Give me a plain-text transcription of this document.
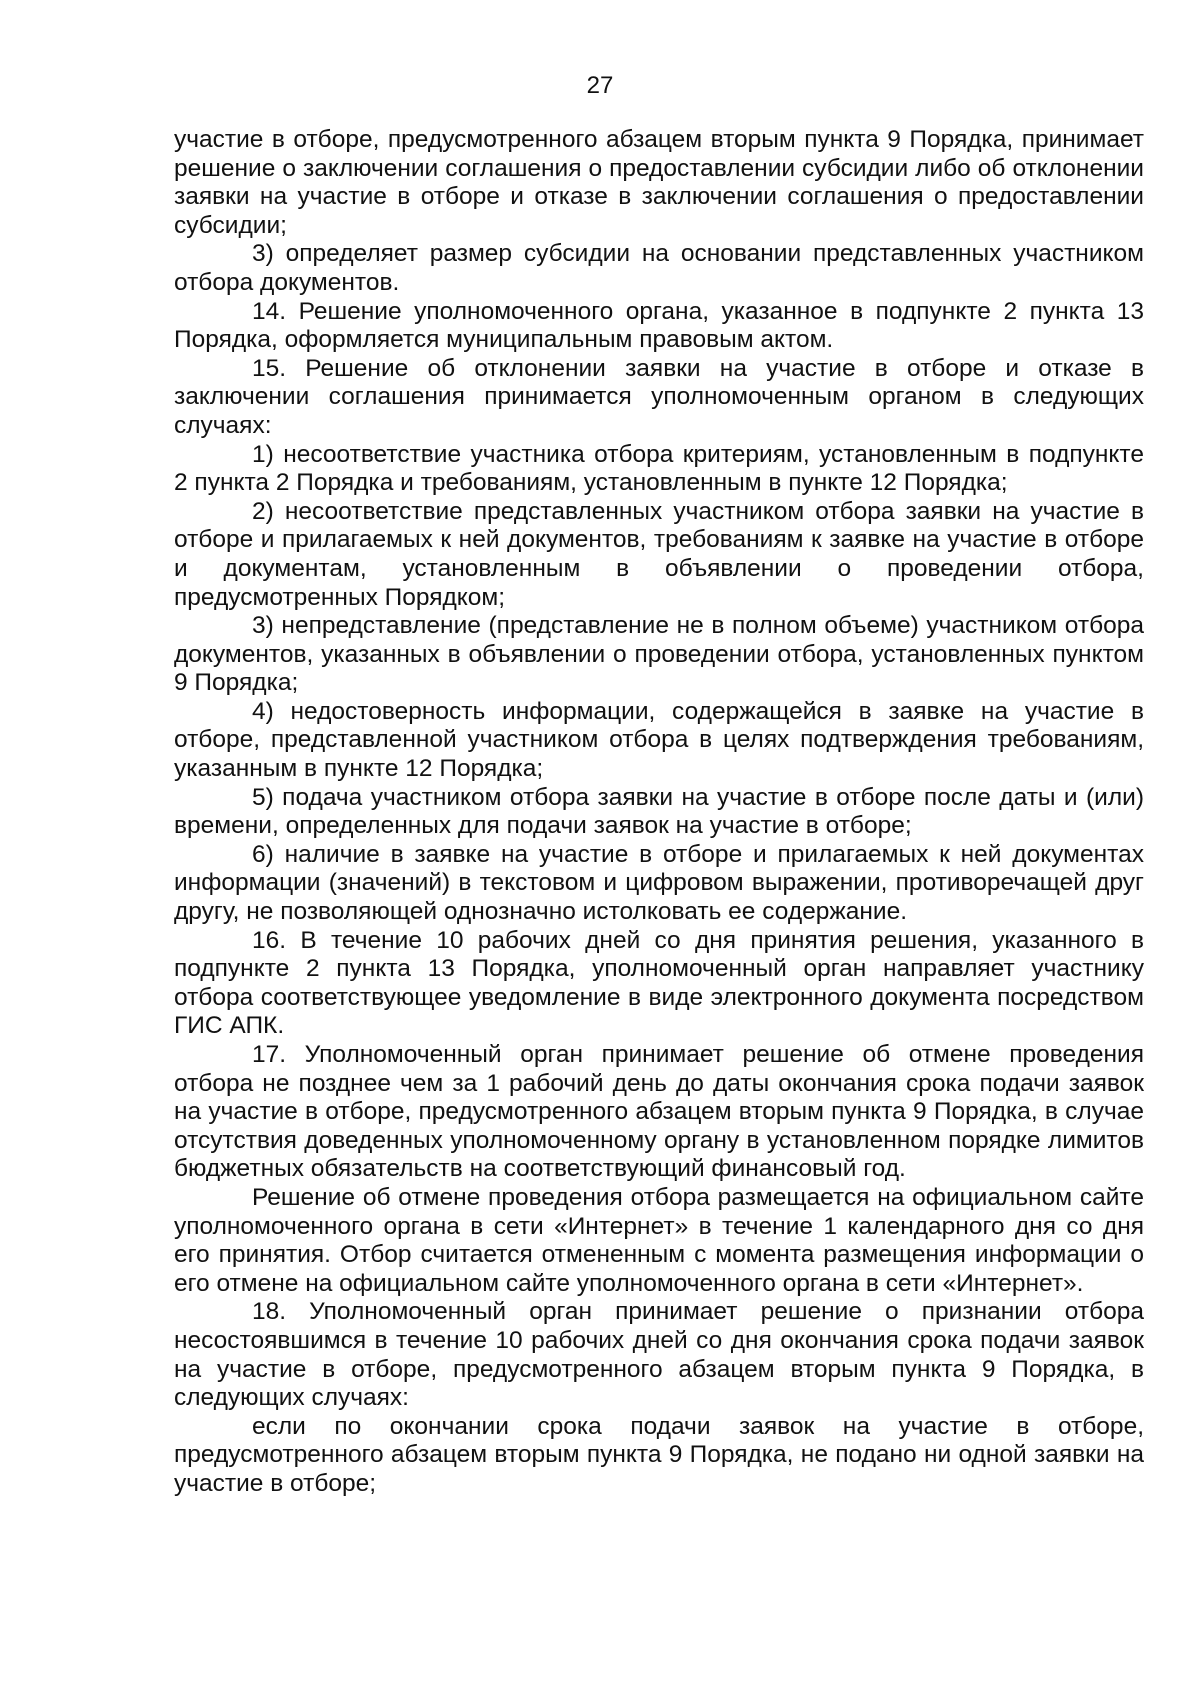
27

участие в отборе, предусмотренного абзацем вторым пункта 9 Порядка, принимает решение о заключении соглашения о предоставлении субсидии либо об отклонении заявки на участие в отборе и отказе в заключении соглашения о предоставлении субсидии;

3) определяет размер субсидии на основании представленных участником отбора документов.

14. Решение уполномоченного органа, указанное в подпункте 2 пункта 13 Порядка, оформляется муниципальным правовым актом.

15. Решение об отклонении заявки на участие в отборе и отказе в заключении соглашения принимается уполномоченным органом в следующих случаях:

1) несоответствие участника отбора критериям, установленным в подпункте 2 пункта 2 Порядка и требованиям, установленным в пункте 12 Порядка;

2) несоответствие представленных участником отбора заявки на участие в отборе и прилагаемых к ней документов, требованиям к заявке на участие в отборе и документам, установленным в объявлении о проведении отбора, предусмотренных Порядком;

3) непредставление (представление не в полном объеме) участником отбора документов, указанных в объявлении о проведении отбора, установленных пунктом 9 Порядка;

4) недостоверность информации, содержащейся в заявке на участие в отборе, представленной участником отбора в целях подтверждения требованиям, указанным в пункте 12 Порядка;

5) подача участником отбора заявки на участие в отборе после даты и (или) времени, определенных для подачи заявок на участие в отборе;

6) наличие в заявке на участие в отборе и прилагаемых к ней документах информации (значений) в текстовом и цифровом выражении, противоречащей друг другу, не позволяющей однозначно истолковать ее содержание.

16. В течение 10 рабочих дней со дня принятия решения, указанного в подпункте 2 пункта 13 Порядка, уполномоченный орган направляет участнику отбора соответствующее уведомление в виде электронного документа посредством ГИС АПК.

17. Уполномоченный орган принимает решение об отмене проведения отбора не позднее чем за 1 рабочий день до даты окончания срока подачи заявок на участие в отборе, предусмотренного абзацем вторым пункта 9 Порядка, в случае отсутствия доведенных уполномоченному органу в установленном порядке лимитов бюджетных обязательств на соответствующий финансовый год.

Решение об отмене проведения отбора размещается на официальном сайте уполномоченного органа в сети «Интернет» в течение 1 календарного дня со дня его принятия. Отбор считается отмененным с момента размещения информации о его отмене на официальном сайте уполномоченного органа в сети «Интернет».

18. Уполномоченный орган принимает решение о признании отбора несостоявшимся в течение 10 рабочих дней со дня окончания срока подачи заявок на участие в отборе, предусмотренного абзацем вторым пункта 9 Порядка, в следующих случаях:

если по окончании срока подачи заявок на участие в отборе, предусмотренного абзацем вторым пункта 9 Порядка, не подано ни одной заявки на участие в отборе;
